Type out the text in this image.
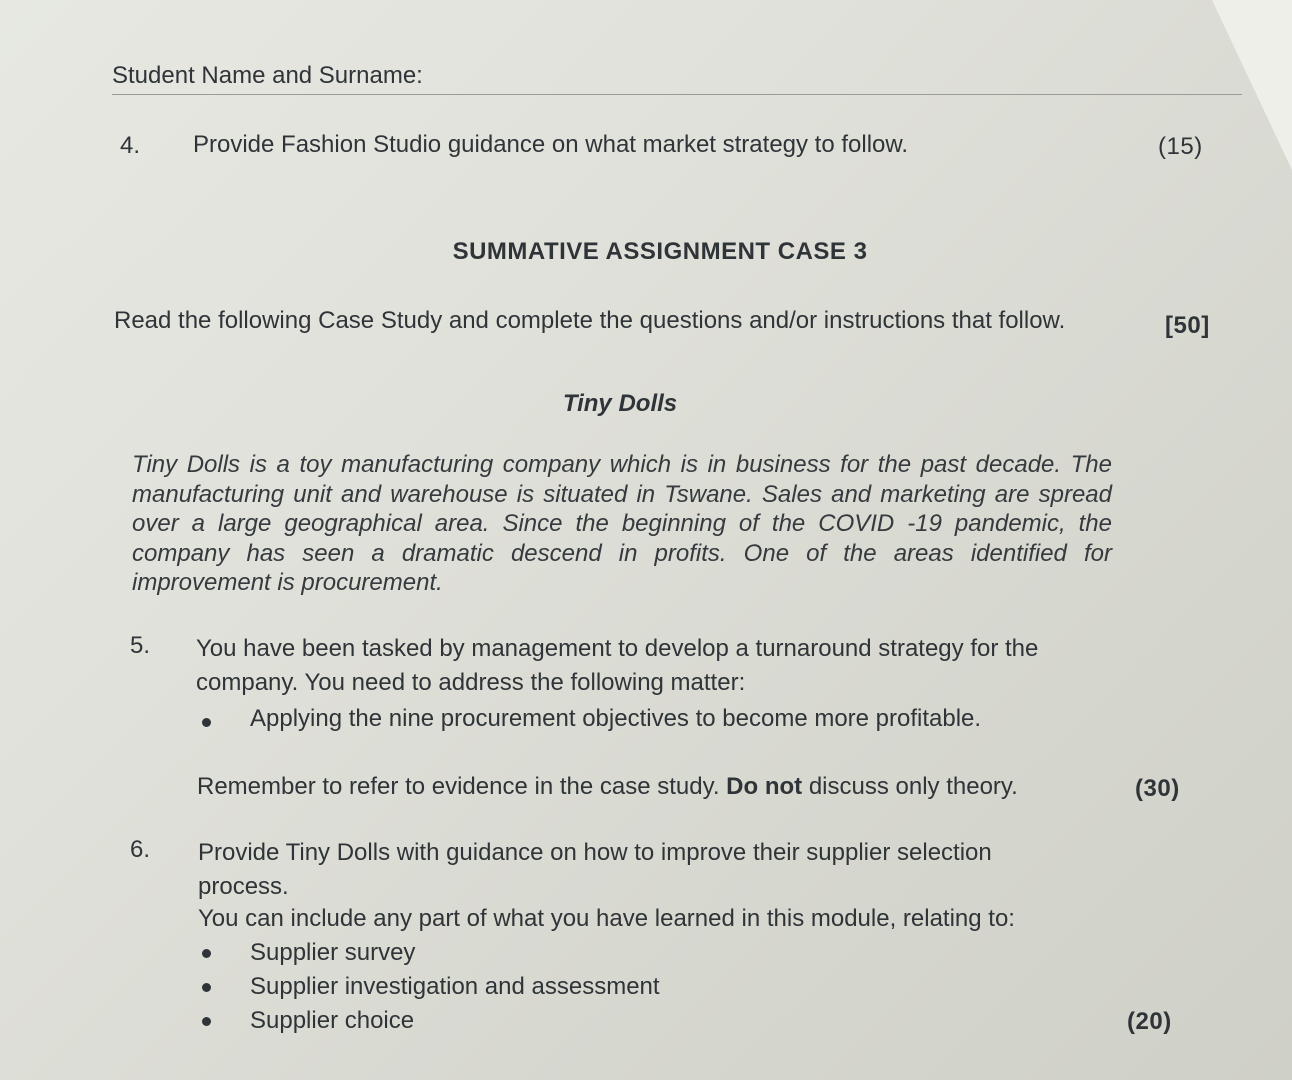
Student Name and Surname:
4. Provide Fashion Studio guidance on what market strategy to follow.	(15)
SUMMATIVE ASSIGNMENT CASE 3
Read the following Case Study and complete the questions and/or instructions that follow.	[50]
Tiny Dolls
Tiny Dolls is a toy manufacturing company which is in business for the past decade. The manufacturing unit and warehouse is situated in Tswane. Sales and marketing are spread over a large geographical area. Since the beginning of the COVID -19 pandemic, the company has seen a dramatic descend in profits. One of the areas identified for improvement is procurement.
5. You have been tasked by management to develop a turnaround strategy for the company. You need to address the following matter:
Applying the nine procurement objectives to become more profitable.
Remember to refer to evidence in the case study. Do not discuss only theory.	(30)
6. Provide Tiny Dolls with guidance on how to improve their supplier selection process.
You can include any part of what you have learned in this module, relating to:
Supplier survey
Supplier investigation and assessment
Supplier choice	(20)
